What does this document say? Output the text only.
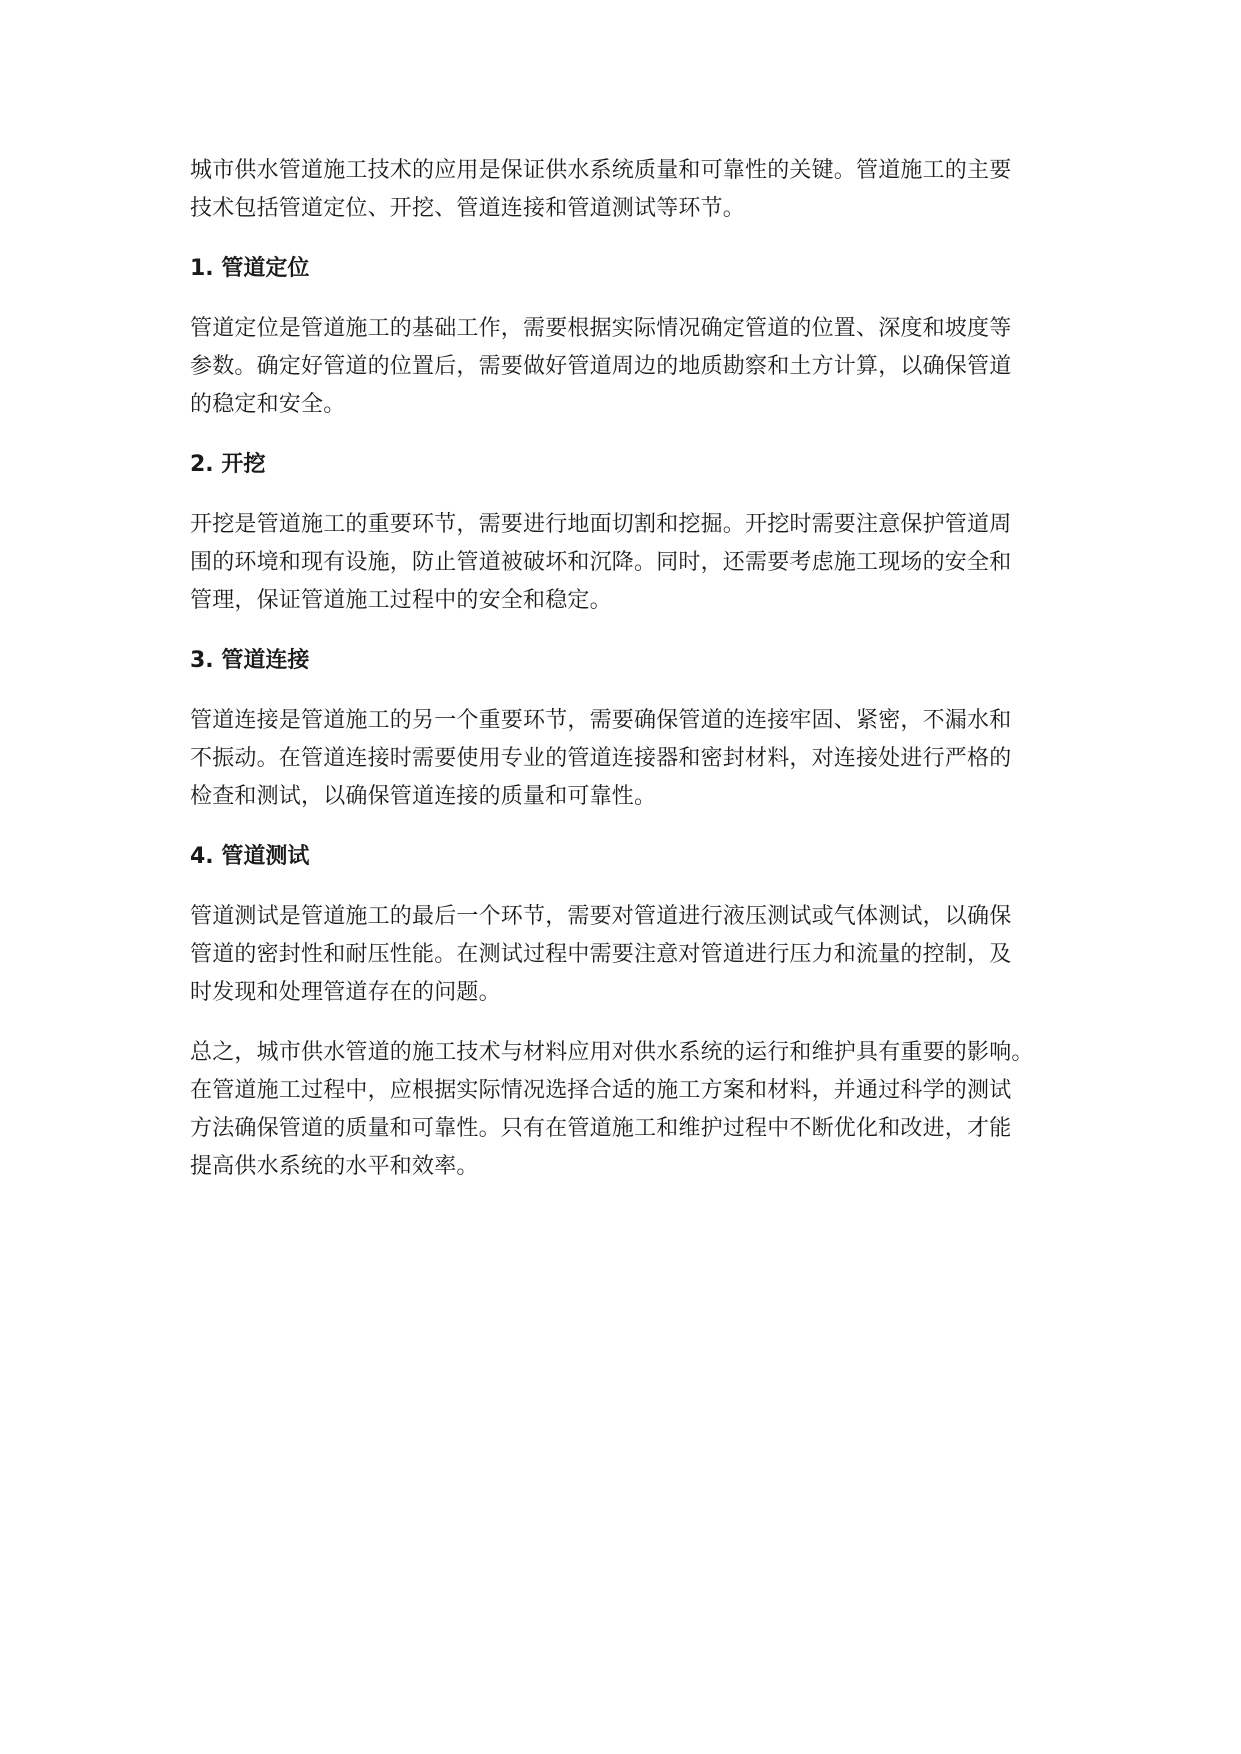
城市供水管道施工技术的应用是保证供水系统质量和可靠性的关键。管道施工的主要
技术包括管道定位、开挖、管道连接和管道测试等环节。

1. 管道定位

管道定位是管道施工的基础工作，需要根据实际情况确定管道的位置、深度和坡度等
参数。确定好管道的位置后，需要做好管道周边的地质勘察和土方计算，以确保管道
的稳定和安全。

2. 开挖

开挖是管道施工的重要环节，需要进行地面切割和挖掘。开挖时需要注意保护管道周
围的环境和现有设施，防止管道被破坏和沉降。同时，还需要考虑施工现场的安全和
管理，保证管道施工过程中的安全和稳定。

3. 管道连接

管道连接是管道施工的另一个重要环节，需要确保管道的连接牢固、紧密，不漏水和
不振动。在管道连接时需要使用专业的管道连接器和密封材料，对连接处进行严格的
检查和测试，以确保管道连接的质量和可靠性。

4. 管道测试

管道测试是管道施工的最后一个环节，需要对管道进行液压测试或气体测试，以确保
管道的密封性和耐压性能。在测试过程中需要注意对管道进行压力和流量的控制，及
时发现和处理管道存在的问题。

总之，城市供水管道的施工技术与材料应用对供水系统的运行和维护具有重要的影响。
在管道施工过程中，应根据实际情况选择合适的施工方案和材料，并通过科学的测试
方法确保管道的质量和可靠性。只有在管道施工和维护过程中不断优化和改进，才能
提高供水系统的水平和效率。
